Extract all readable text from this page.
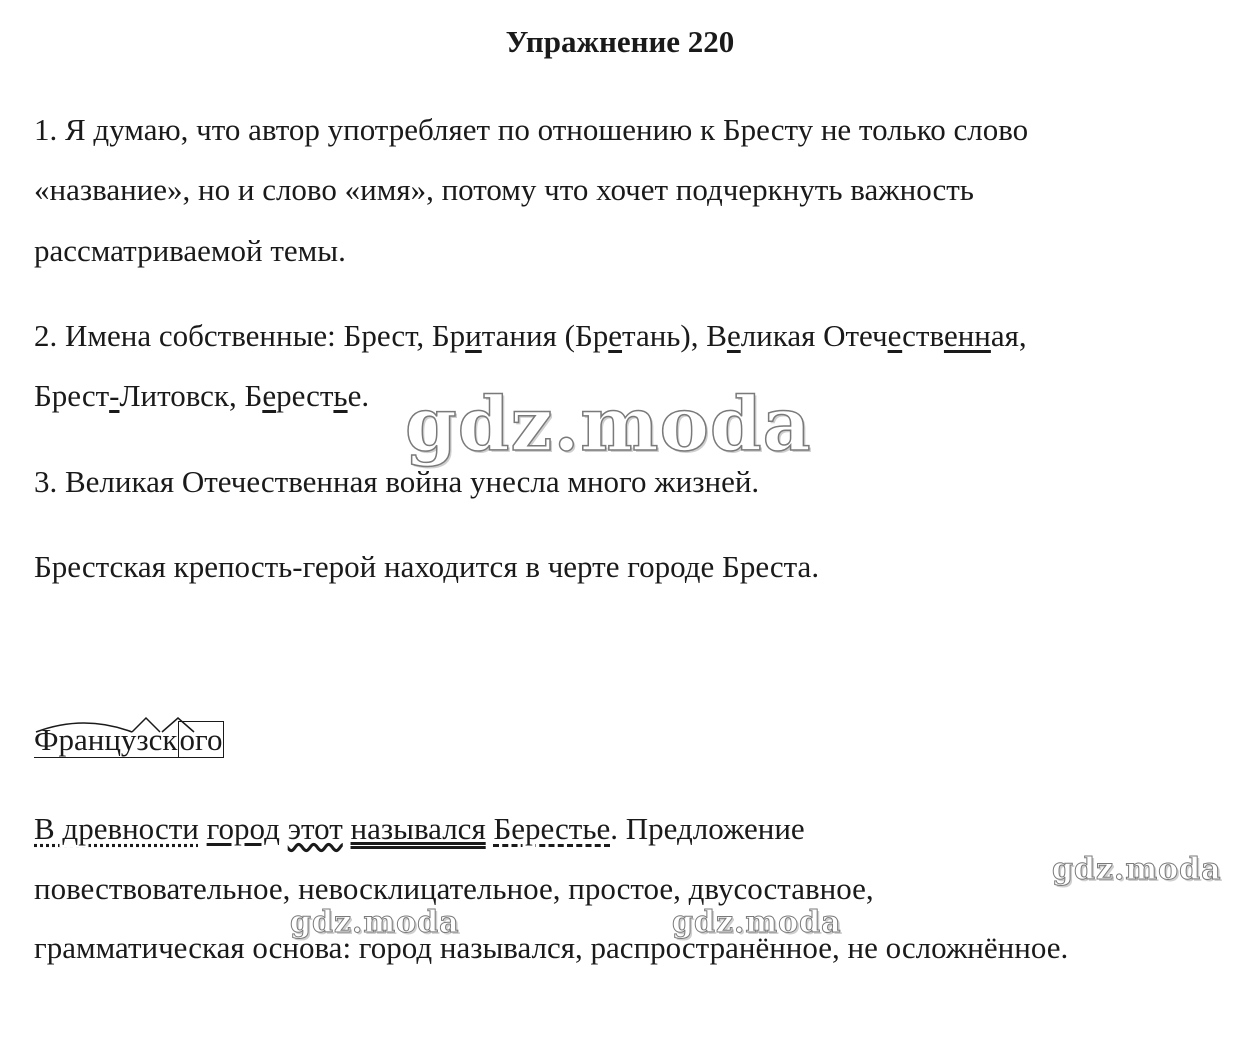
Упражнение 220

1. Я думаю, что автор употребляет по отношению к Бресту не только слово

«название», но и слово «имя», потому что хочет подчеркнуть важность

рассматриваемой темы.

2. Имена собственные: Брест, Британия (Бретань), Великая Отечественная,

Брест-Литовск, Берестье.

3. Великая Отечественная война унесла много жизней.

Брестская крепость-герой находится в черте городе Бреста.

Французского

В древности город этот назывался Берестье. Предложение

повествовательное, невосклицательное, простое, двусоставное,

грамматическая основа: город назывался, распространённое, не осложнённое.

gdz.moda
gdz.moda
gdz.moda	gdz.moda
